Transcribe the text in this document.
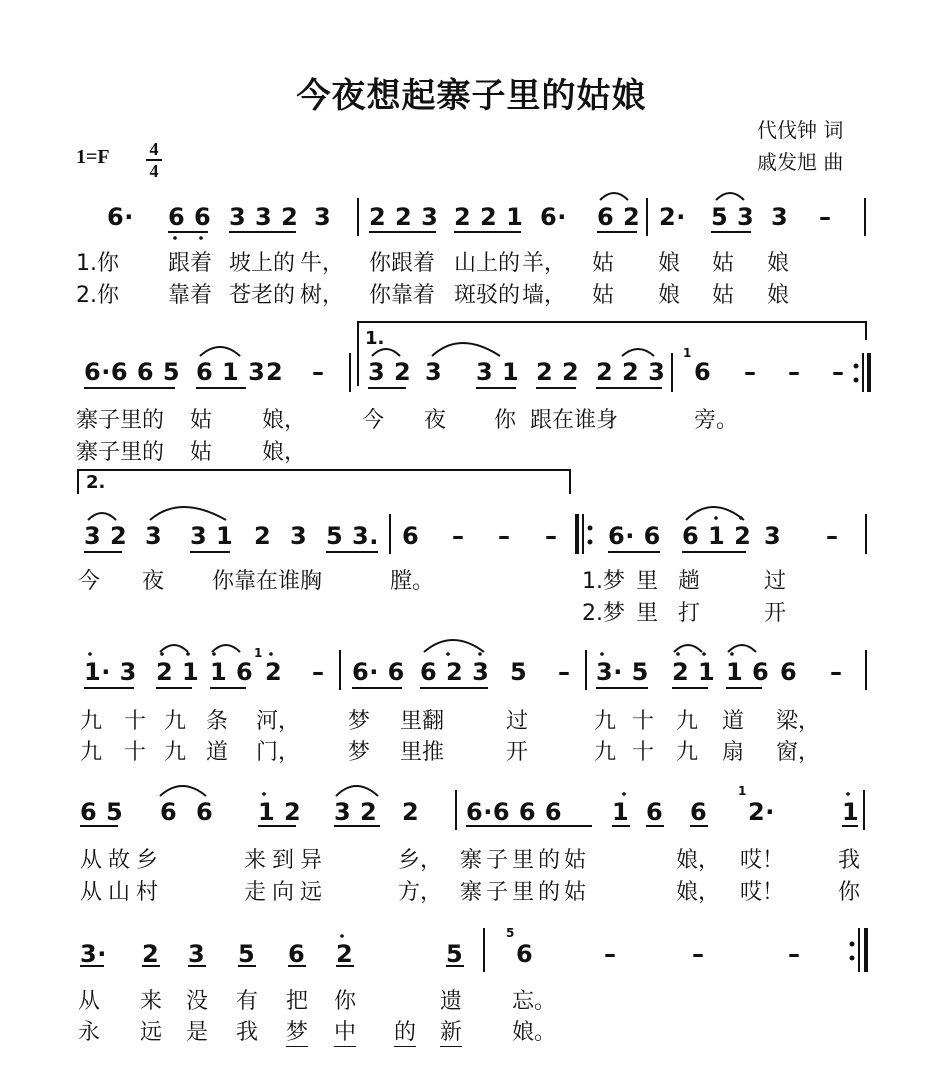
今夜想起寨子里的姑娘
代伐钟 词
戚发旭 曲
1=F 4
4
6· 6 6 3 3 2 3 2 2 3 2 2 1 6· 6 2 2· 5 3 3 –
1.你 跟着 坡上的 牛， 你跟着 山上的 羊， 姑 娘 姑 娘
2.你 靠着 苍老的 树， 你靠着 斑驳的 墙， 姑 娘 姑 娘
1.
6·6 6 5 6 1 3 2 – 3 2 3 3 1 2 2 2 2 3
1
6 – – –
寨子里的 姑 娘，	今 夜 你 跟在谁身	旁。
寨子里的 姑 娘，
2.
3 2 3 3 1 2 3 5 3. 6 – – – 6· 6 6 1 2 3 –
今 夜 你靠在谁胸	膛。	1.梦 里 趟	过
2.梦 里 打	开
1· 3 2 1 1 6
1
2 – 6· 6 6 2 3 5 – 3· 5 2 1 1 6 6 –
九 十 九 条 河， 梦 里翻	过	九 十 九 道 梁，
九 十 九 道 门， 梦 里推	开	九 十 九 扇 窗，
6 5 6 6 1 2 3 2 2 6·6 6 6 1 6 6
1
2·	1
从故乡	来到异	乡， 寨子里的姑	娘， 哎！ 我
从山村	走向远	方， 寨子里的姑	娘， 哎！ 你
3· 2 3 5 6 2	5
5
6	–	–	–
从 来 没 有 把 你	遗 忘。
永 远 是 我 梦 中 的 新 娘。
